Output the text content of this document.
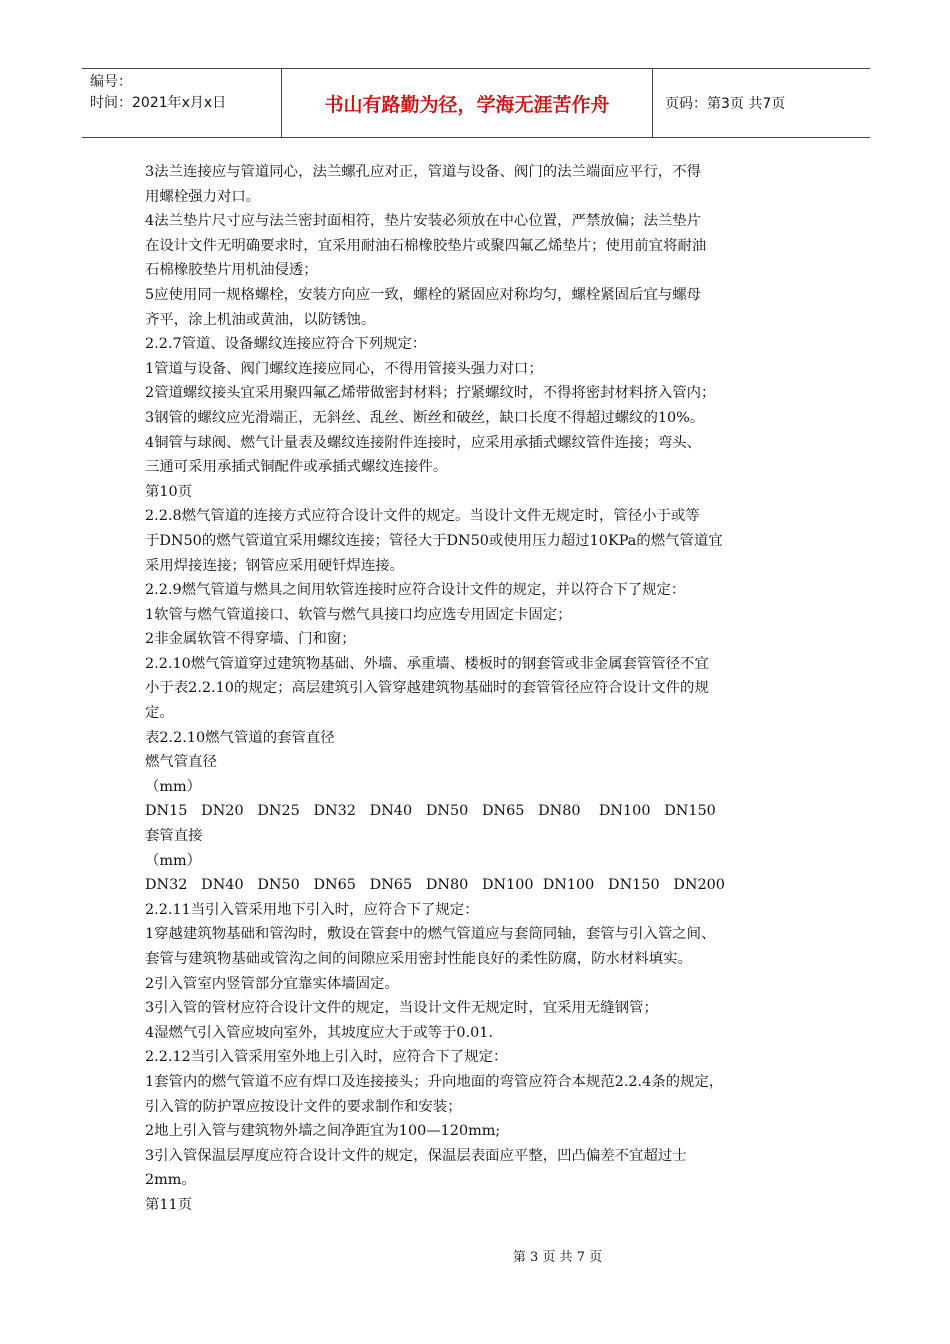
编号：
时间：2021年x月x日	书山有路勤为径，学海无涯苦作舟	页码：第3页 共7页

3法兰连接应与管道同心，法兰螺孔应对正，管道与设备、阀门的法兰端面应平行，不得

用螺栓强力对口。

4法兰垫片尺寸应与法兰密封面相符，垫片安装必须放在中心位置，严禁放偏；法兰垫片

在设计文件无明确要求时，宜采用耐油石棉橡胶垫片或聚四氟乙烯垫片；使用前宜将耐油

石棉橡胶垫片用机油侵透；

5应使用同一规格螺栓，安装方向应一致，螺栓的紧固应对称均匀，螺栓紧固后宜与螺母

齐平，涂上机油或黄油，以防锈蚀。

2.2.7管道、设备螺纹连接应符合下列规定：

1管道与设备、阀门螺纹连接应同心，不得用管接头强力对口；

2管道螺纹接头宜采用聚四氟乙烯带做密封材料；拧紧螺纹时，不得将密封材料挤入管内；

3钢管的螺纹应光滑端正，无斜丝、乱丝、断丝和破丝，缺口长度不得超过螺纹的10%。

4铜管与球阀、燃气计量表及螺纹连接附件连接时，应采用承插式螺纹管件连接；弯头、

三通可采用承插式铜配件或承插式螺纹连接件。

第10页

2.2.8燃气管道的连接方式应符合设计文件的规定。当设计文件无规定时，管径小于或等

于DN50的燃气管道宜采用螺纹连接；管径大于DN50或使用压力超过10KPa的燃气管道宜

采用焊接连接；钢管应采用硬钎焊连接。

2.2.9燃气管道与燃具之间用软管连接时应符合设计文件的规定，并以符合下了规定：

1软管与燃气管道接口、软管与燃气具接口均应选专用固定卡固定；

2非金属软管不得穿墙、门和窗；

2.2.10燃气管道穿过建筑物基础、外墙、承重墙、楼板时的钢套管或非金属套管管径不宜

小于表2.2.10的规定；高层建筑引入管穿越建筑物基础时的套管管径应符合设计文件的规

定。

表2.2.10燃气管道的套管直径

燃气管直径

（mm）

DN15   DN20   DN25   DN32   DN40   DN50   DN65   DN80    DN100   DN150

套管直接

（mm）

DN32   DN40   DN50   DN65   DN65   DN80   DN100  DN100   DN150   DN200

2.2.11当引入管采用地下引入时，应符合下了规定：

1穿越建筑物基础和管沟时，敷设在管套中的燃气管道应与套筒同轴，套管与引入管之间、

套管与建筑物基础或管沟之间的间隙应采用密封性能良好的柔性防腐，防水材料填实。

2引入管室内竖管部分宜靠实体墙固定。

3引入管的管材应符合设计文件的规定，当设计文件无规定时，宜采用无缝钢管；

4湿燃气引入管应坡向室外，其坡度应大于或等于0.01.

2.2.12当引入管采用室外地上引入时，应符合下了规定：

1套管内的燃气管道不应有焊口及连接接头；升向地面的弯管应符合本规范2.2.4条的规定，

引入管的防护罩应按设计文件的要求制作和安装；

2地上引入管与建筑物外墙之间净距宜为100—120mm;

3引入管保温层厚度应符合设计文件的规定，保温层表面应平整，凹凸偏差不宜超过士

2mm。

第11页

第 3 页 共 7 页
